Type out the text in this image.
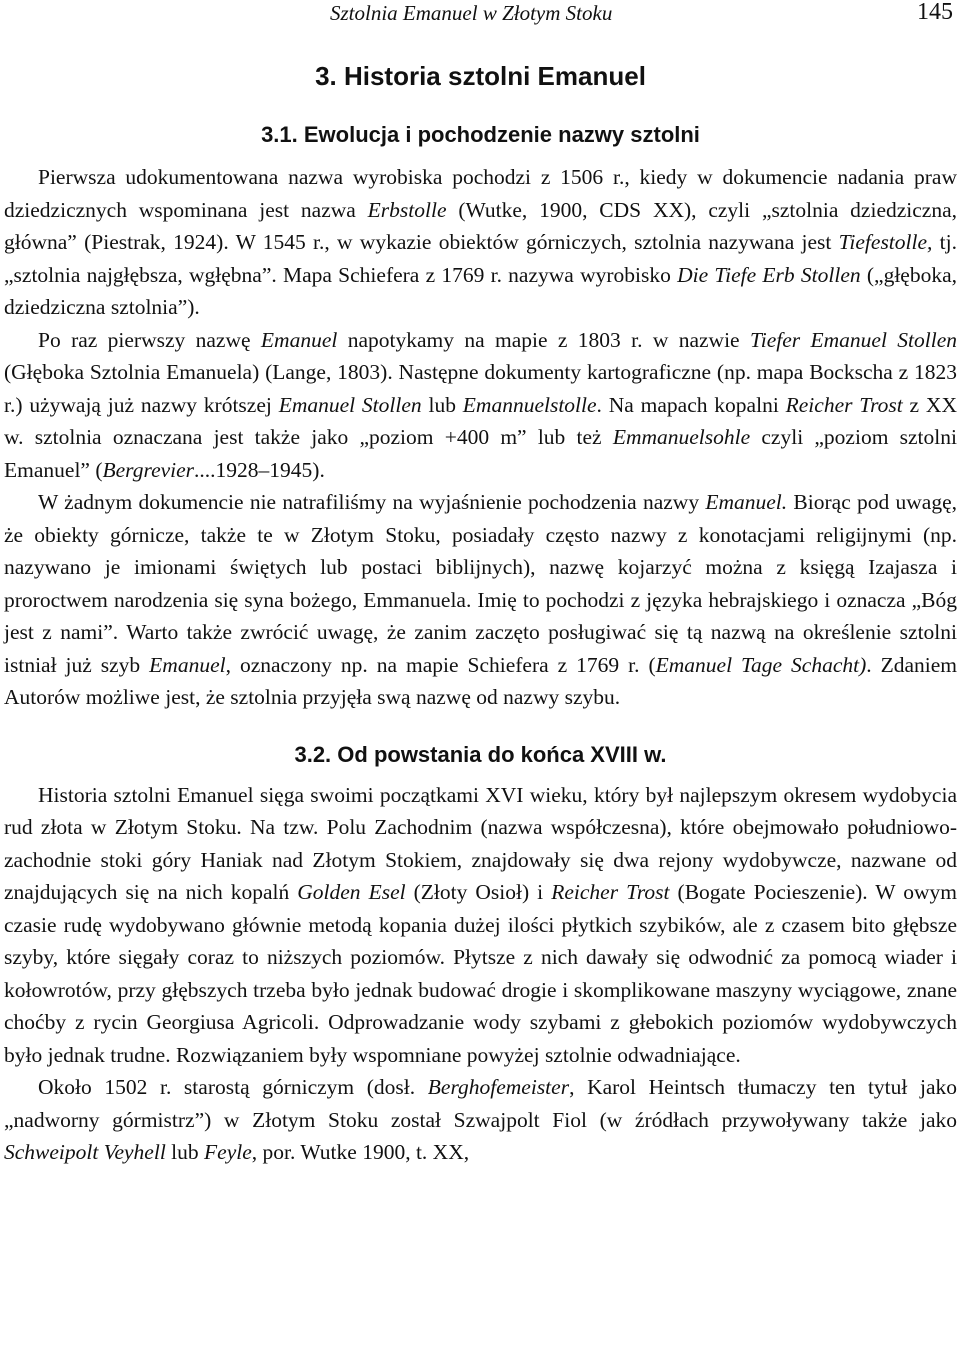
Sztolnia Emanuel w Złotym Stoku	145
3. Historia sztolni Emanuel
3.1. Ewolucja i pochodzenie nazwy sztolni

Pierwsza udokumentowana nazwa wyrobiska pochodzi z 1506 r., kiedy w dokumencie nadania praw dziedzicznych wspominana jest nazwa Erbstolle (Wutke, 1900, CDS XX), czyli „sztolnia dziedziczna, główna” (Piestrak, 1924). W 1545 r., w wykazie obiektów górniczych, sztolnia nazywana jest Tiefestolle, tj. „sztolnia najgłębsza, wgłębna”. Mapa Schiefera z 1769 r. nazywa wyrobisko Die Tiefe Erb Stollen („głęboka, dziedziczna sztolnia”).

Po raz pierwszy nazwę Emanuel napotykamy na mapie z 1803 r. w nazwie Tiefer Emanuel Stollen (Głęboka Sztolnia Emanuela) (Lange, 1803). Następne dokumenty kartograficzne (np. mapa Bockscha z 1823 r.) używają już nazwy krótszej Emanuel Stollen lub Emannuelstolle. Na mapach kopalni Reicher Trost z XX w. sztolnia oznaczana jest także jako „poziom +400 m” lub też Emmanuelsohle czyli „poziom sztolni Emanuel” (Bergrevier....1928–1945).

W żadnym dokumencie nie natrafiliśmy na wyjaśnienie pochodzenia nazwy Emanuel. Biorąc pod uwagę, że obiekty górnicze, także te w Złotym Stoku, posiadały często nazwy z konotacjami religijnymi (np. nazywano je imionami świętych lub postaci biblijnych), nazwę kojarzyć można z księgą Izajasza i proroctwem narodzenia się syna bożego, Emmanuela. Imię to pochodzi z języka hebrajskiego i oznacza „Bóg jest z nami”. Warto także zwrócić uwagę, że zanim zaczęto posługiwać się tą nazwą na określenie sztolni istniał już szyb Emanuel, oznaczony np. na mapie Schiefera z 1769 r. (Emanuel Tage Schacht). Zdaniem Autorów możliwe jest, że sztolnia przyjęła swą nazwę od nazwy szybu.

3.2. Od powstania do końca XVIII w.

Historia sztolni Emanuel sięga swoimi początkami XVI wieku, który był najlepszym okresem wydobycia rud złota w Złotym Stoku. Na tzw. Polu Zachodnim (nazwa współczesna), które obejmowało południowo-zachodnie stoki góry Haniak nad Złotym Stokiem, znajdowały się dwa rejony wydobywcze, nazwane od znajdujących się na nich kopalń Golden Esel (Złoty Osioł) i Reicher Trost (Bogate Pocieszenie). W owym czasie rudę wydobywano głównie metodą kopania dużej ilości płytkich szybików, ale z czasem bito głębsze szyby, które sięgały coraz to niższych poziomów. Płytsze z nich dawały się odwodnić za pomocą wiader i kołowrotów, przy głębszych trzeba było jednak budować drogie i skomplikowane maszyny wyciągowe, znane choćby z rycin Georgiusa Agricoli. Odprowadzanie wody szybami z głebokich poziomów wydobywczych było jednak trudne. Rozwiązaniem były wspomniane powyżej sztolnie odwadniające.

Około 1502 r. starostą górniczym (dosł. Berghofemeister, Karol Heintsch tłumaczy ten tytuł jako „nadworny górmistrz”) w Złotym Stoku został Szwajpolt Fiol (w źródłach przywoływany także jako Schweipolt Veyhell lub Feyle, por. Wutke 1900, t. XX,
